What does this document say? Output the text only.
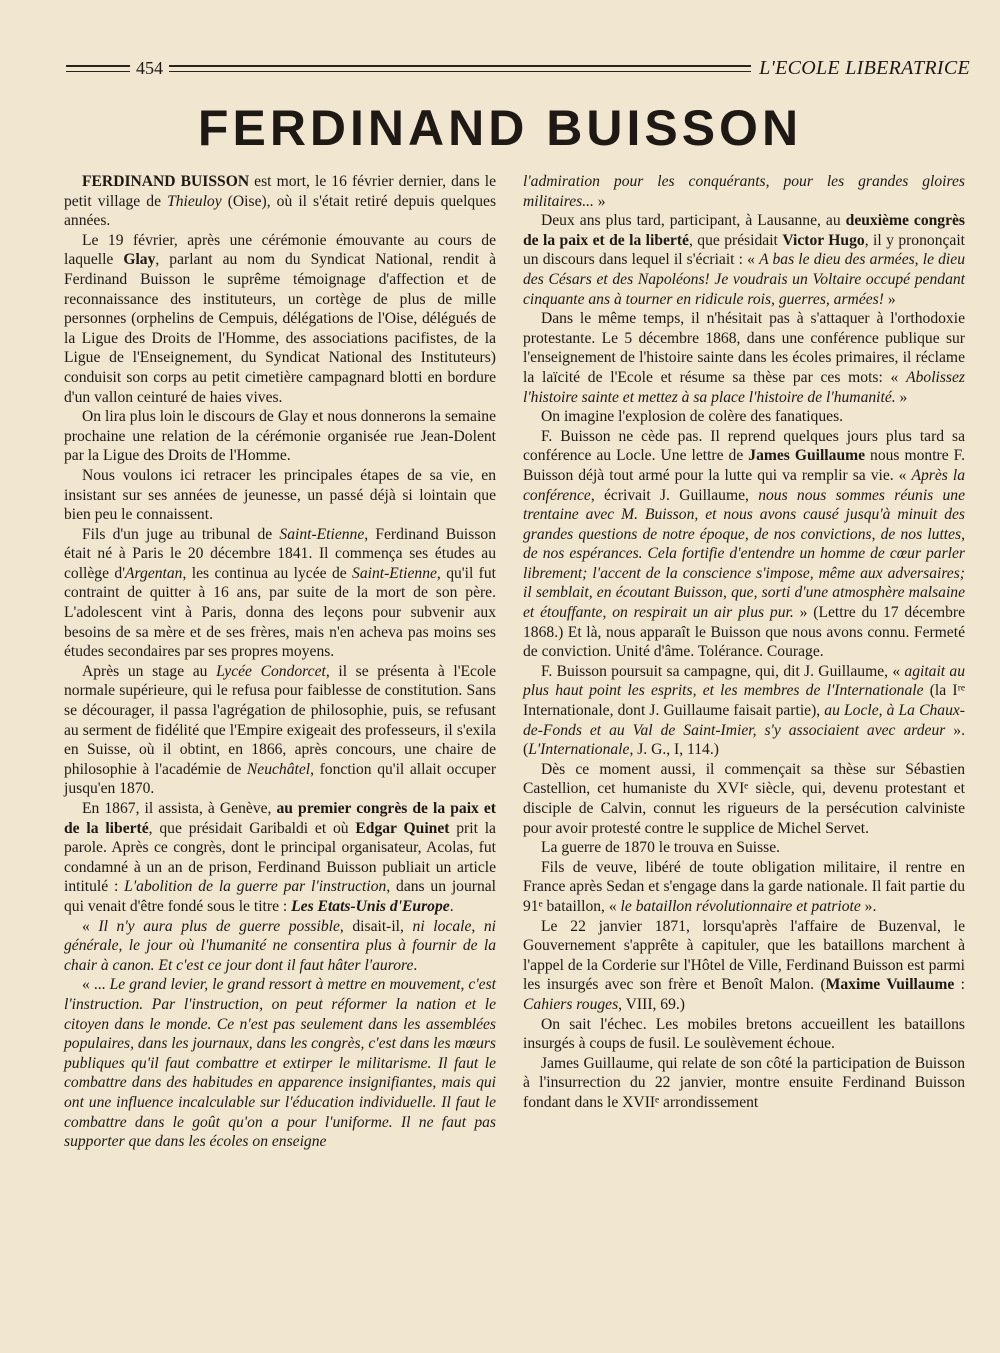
454	L'ECOLE LIBERATRICE
FERDINAND BUISSON

FERDINAND BUISSON est mort, le 16 février dernier, dans le petit village de Thieuloy (Oise), où il s'était retiré depuis quelques années.

Le 19 février, après une cérémonie émouvante au cours de laquelle Glay, parlant au nom du Syndicat National, rendit à Ferdinand Buisson le suprême témoignage d'affection et de reconnaissance des instituteurs, un cortège de plus de mille personnes (orphelins de Cempuis, délégations de l'Oise, délégués de la Ligue des Droits de l'Homme, des associations pacifistes, de la Ligue de l'Enseignement, du Syndicat National des Instituteurs) conduisit son corps au petit cimetière campagnard blotti en bordure d'un vallon ceinturé de haies vives.

On lira plus loin le discours de Glay et nous donnerons la semaine prochaine une relation de la cérémonie organisée rue Jean-Dolent par la Ligue des Droits de l'Homme.

Nous voulons ici retracer les principales étapes de sa vie, en insistant sur ses années de jeunesse, un passé déjà si lointain que bien peu le connaissent.

Fils d'un juge au tribunal de Saint-Etienne, Ferdinand Buisson était né à Paris le 20 décembre 1841. Il commença ses études au collège d'Argentan, les continua au lycée de Saint-Etienne, qu'il fut contraint de quitter à 16 ans, par suite de la mort de son père. L'adolescent vint à Paris, donna des leçons pour subvenir aux besoins de sa mère et de ses frères, mais n'en acheva pas moins ses études secondaires par ses propres moyens.

Après un stage au Lycée Condorcet, il se présenta à l'Ecole normale supérieure, qui le refusa pour faiblesse de constitution. Sans se décourager, il passa l'agrégation de philosophie, puis, se refusant au serment de fidélité que l'Empire exigeait des professeurs, il s'exila en Suisse, où il obtint, en 1866, après concours, une chaire de philosophie à l'académie de Neuchâtel, fonction qu'il allait occuper jusqu'en 1870.

En 1867, il assista, à Genève, au premier congrès de la paix et de la liberté, que présidait Garibaldi et où Edgar Quinet prit la parole. Après ce congrès, dont le principal organisateur, Acolas, fut condamné à un an de prison, Ferdinand Buisson publiait un article intitulé : L'abolition de la guerre par l'instruction, dans un journal qui venait d'être fondé sous le titre : Les Etats-Unis d'Europe.

« Il n'y aura plus de guerre possible, disait-il, ni locale, ni générale, le jour où l'humanité ne consentira plus à fournir de la chair à canon. Et c'est ce jour dont il faut hâter l'aurore.

« ... Le grand levier, le grand ressort à mettre en mouvement, c'est l'instruction. Par l'instruction, on peut réformer la nation et le citoyen dans le monde. Ce n'est pas seulement dans les assemblées populaires, dans les journaux, dans les congrès, c'est dans les mœurs publiques qu'il faut combattre et extirper le militarisme. Il faut le combattre dans des habitudes en apparence insignifiantes, mais qui ont une influence incalculable sur l'éducation individuelle. Il faut le combattre dans le goût qu'on a pour l'uniforme. Il ne faut pas supporter que dans les écoles on enseigne

l'admiration pour les conquérants, pour les grandes gloires militaires... »

Deux ans plus tard, participant, à Lausanne, au deuxième congrès de la paix et de la liberté, que présidait Victor Hugo, il y prononçait un discours dans lequel il s'écriait : « A bas le dieu des armées, le dieu des Césars et des Napoléons! Je voudrais un Voltaire occupé pendant cinquante ans à tourner en ridicule rois, guerres, armées! »

Dans le même temps, il n'hésitait pas à s'attaquer à l'orthodoxie protestante. Le 5 décembre 1868, dans une conférence publique sur l'enseignement de l'histoire sainte dans les écoles primaires, il réclame la laïcité de l'Ecole et résume sa thèse par ces mots: « Abolissez l'histoire sainte et mettez à sa place l'histoire de l'humanité. »

On imagine l'explosion de colère des fanatiques.

F. Buisson ne cède pas. Il reprend quelques jours plus tard sa conférence au Locle. Une lettre de James Guillaume nous montre F. Buisson déjà tout armé pour la lutte qui va remplir sa vie. « Après la conférence, écrivait J. Guillaume, nous nous sommes réunis une trentaine avec M. Buisson, et nous avons causé jusqu'à minuit des grandes questions de notre époque, de nos convictions, de nos luttes, de nos espérances. Cela fortifie d'entendre un homme de cœur parler librement; l'accent de la conscience s'impose, même aux adversaires; il semblait, en écoutant Buisson, que, sorti d'une atmosphère malsaine et étouffante, on respirait un air plus pur. » (Lettre du 17 décembre 1868.) Et là, nous apparaît le Buisson que nous avons connu. Fermeté de conviction. Unité d'âme. Tolérance. Courage.

F. Buisson poursuit sa campagne, qui, dit J. Guillaume, « agitait au plus haut point les esprits, et les membres de l'Internationale (la Iʳᵉ Internationale, dont J. Guillaume faisait partie), au Locle, à La Chaux-de-Fonds et au Val de Saint-Imier, s'y associaient avec ardeur ». (L'Internationale, J. G., I, 114.)

Dès ce moment aussi, il commençait sa thèse sur Sébastien Castellion, cet humaniste du XVIᵉ siècle, qui, devenu protestant et disciple de Calvin, connut les rigueurs de la persécution calviniste pour avoir protesté contre le supplice de Michel Servet.

La guerre de 1870 le trouva en Suisse.

Fils de veuve, libéré de toute obligation militaire, il rentre en France après Sedan et s'engage dans la garde nationale. Il fait partie du 91ᵉ bataillon, « le bataillon révolutionnaire et patriote ».

Le 22 janvier 1871, lorsqu'après l'affaire de Buzenval, le Gouvernement s'apprête à capituler, que les bataillons marchent à l'appel de la Corderie sur l'Hôtel de Ville, Ferdinand Buisson est parmi les insurgés avec son frère et Benoît Malon. (Maxime Vuillaume : Cahiers rouges, VIII, 69.)

On sait l'échec. Les mobiles bretons accueillent les bataillons insurgés à coups de fusil. Le soulèvement échoue.

James Guillaume, qui relate de son côté la participation de Buisson à l'insurrection du 22 janvier, montre ensuite Ferdinand Buisson fondant dans le XVIIᵉ arrondissement
